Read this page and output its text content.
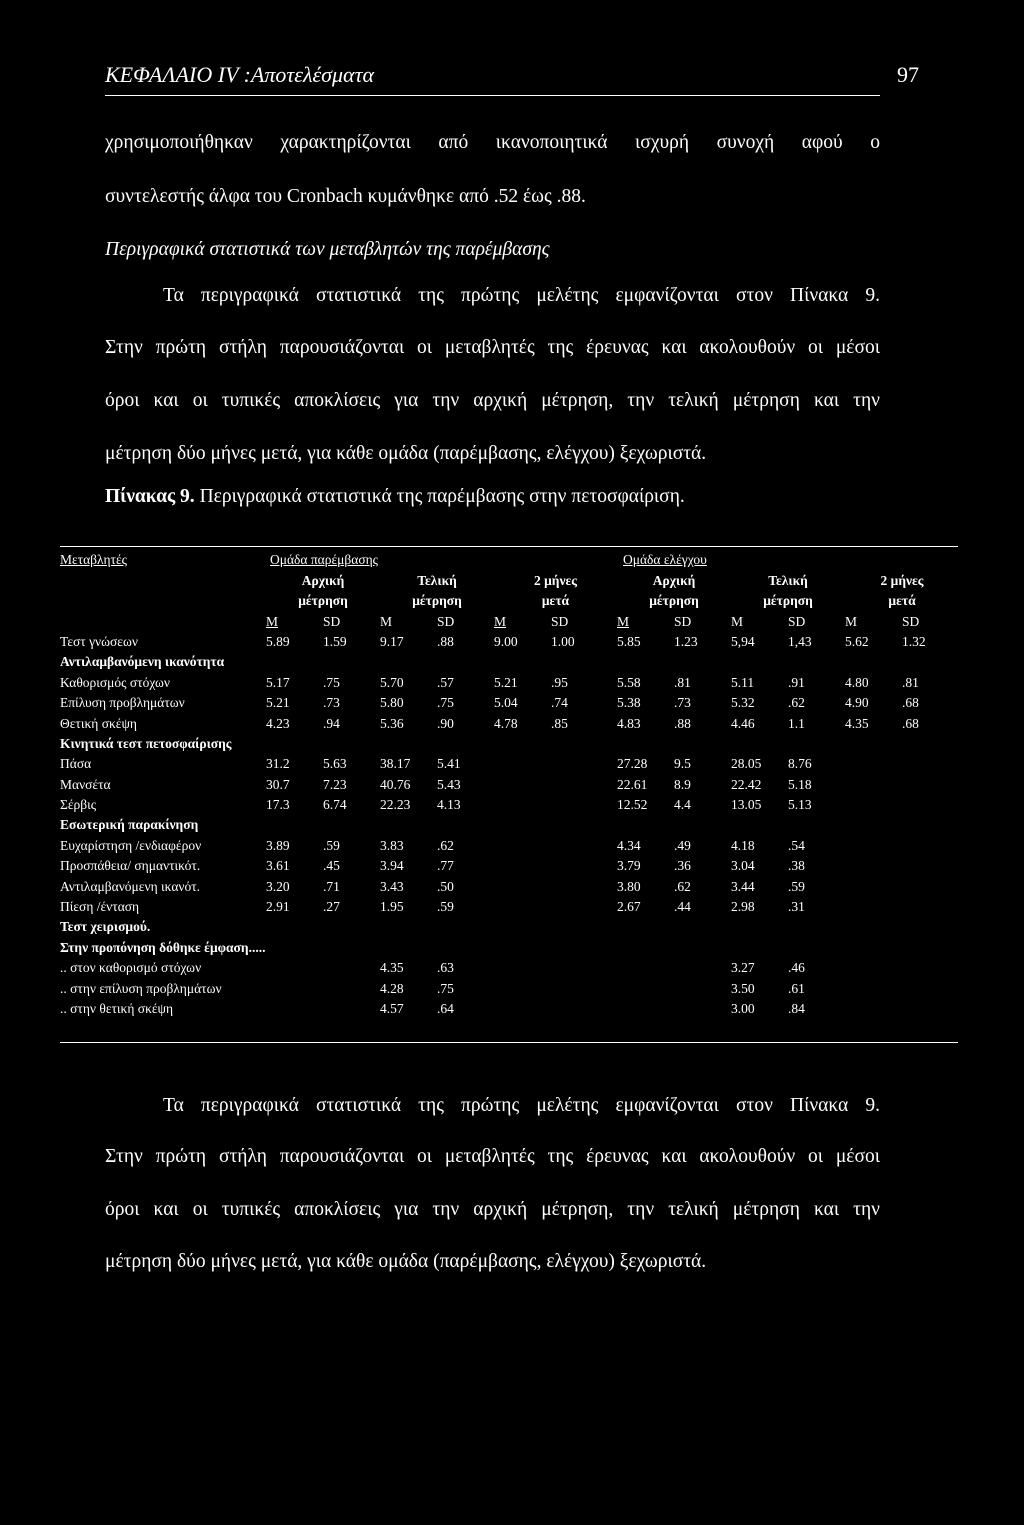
ΚΕΦΑΛΑΙΟ IV :Αποτελέσματα	97
χρησιμοποιήθηκαν χαρακτηρίζονται από ικανοποιητικά ισχυρή συνοχή αφού ο
συντελεστής άλφα του Cronbach κυμάνθηκε από .52 έως .88.
Περιγραφικά στατιστικά των μεταβλητών της παρέμβασης
Τα περιγραφικά στατιστικά της πρώτης μελέτης εμφανίζονται στον Πίνακα 9.
Στην πρώτη στήλη παρουσιάζονται οι μεταβλητές της έρευνας και ακολουθούν οι μέσοι
όροι και οι τυπικές αποκλίσεις για την αρχική μέτρηση, την τελική μέτρηση και την
μέτρηση δύο μήνες μετά, για κάθε ομάδα (παρέμβασης, ελέγχου) ξεχωριστά.
Πίνακας 9. Περιγραφικά στατιστικά της παρέμβασης στην πετοσφαίριση.
Μεταβλητές	Ομάδα παρέμβασης						Ομάδα ελέγχου					
	Αρχική		Τελική		2 μήνες		Αρχική		Τελική		2 μήνες	
	μέτρηση		μέτρηση		μετά		μέτρηση		μέτρηση		μετά	
	M	SD	M	SD	M	SD	M	SD	M	SD	M	SD
Τεστ γνώσεων	5.89	1.59	9.17	.88	9.00	1.00	5.85	1.23	5,94	1,43	5.62	1.32
Αντιλαμβανόμενη ικανότητα												
Καθορισμός στόχων	5.17	.75	5.70	.57	5.21	.95	5.58	.81	5.11	.91	4.80	.81
Επίλυση προβλημάτων	5.21	.73	5.80	.75	5.04	.74	5.38	.73	5.32	.62	4.90	.68
Θετική σκέψη	4.23	.94	5.36	.90	4.78	.85	4.83	.88	4.46	1.1	4.35	.68
Κινητικά τεστ πετοσφαίρισης												
Πάσα	31.2	5.63	38.17	5.41			27.28	9.5	28.05	8.76		
Μανσέτα	30.7	7.23	40.76	5.43			22.61	8.9	22.42	5.18		
Σέρβις	17.3	6.74	22.23	4.13			12.52	4.4	13.05	5.13		
Εσωτερική παρακίνηση												
Ευχαρίστηση /ενδιαφέρον	3.89	.59	3.83	.62			4.34	.49	4.18	.54		
Προσπάθεια/ σημαντικότ.	3.61	.45	3.94	.77			3.79	.36	3.04	.38		
Αντιλαμβανόμενη ικανότ.	3.20	.71	3.43	.50			3.80	.62	3.44	.59		
Πίεση /ένταση	2.91	.27	1.95	.59			2.67	.44	2.98	.31		
Τεστ χειρισμού.												
Στην προπόνηση δόθηκε έμφαση.....												
.. στον καθορισμό στόχων			4.35	.63					3.27	.46		
.. στην επίλυση προβλημάτων			4.28	.75					3.50	.61		
.. στην θετική σκέψη			4.57	.64					3.00	.84		
Τα περιγραφικά στατιστικά της πρώτης μελέτης εμφανίζονται στον Πίνακα 9.
Στην πρώτη στήλη παρουσιάζονται οι μεταβλητές της έρευνας και ακολουθούν οι μέσοι
όροι και οι τυπικές αποκλίσεις για την αρχική μέτρηση, την τελική μέτρηση και την
μέτρηση δύο μήνες μετά, για κάθε ομάδα (παρέμβασης, ελέγχου) ξεχωριστά.
